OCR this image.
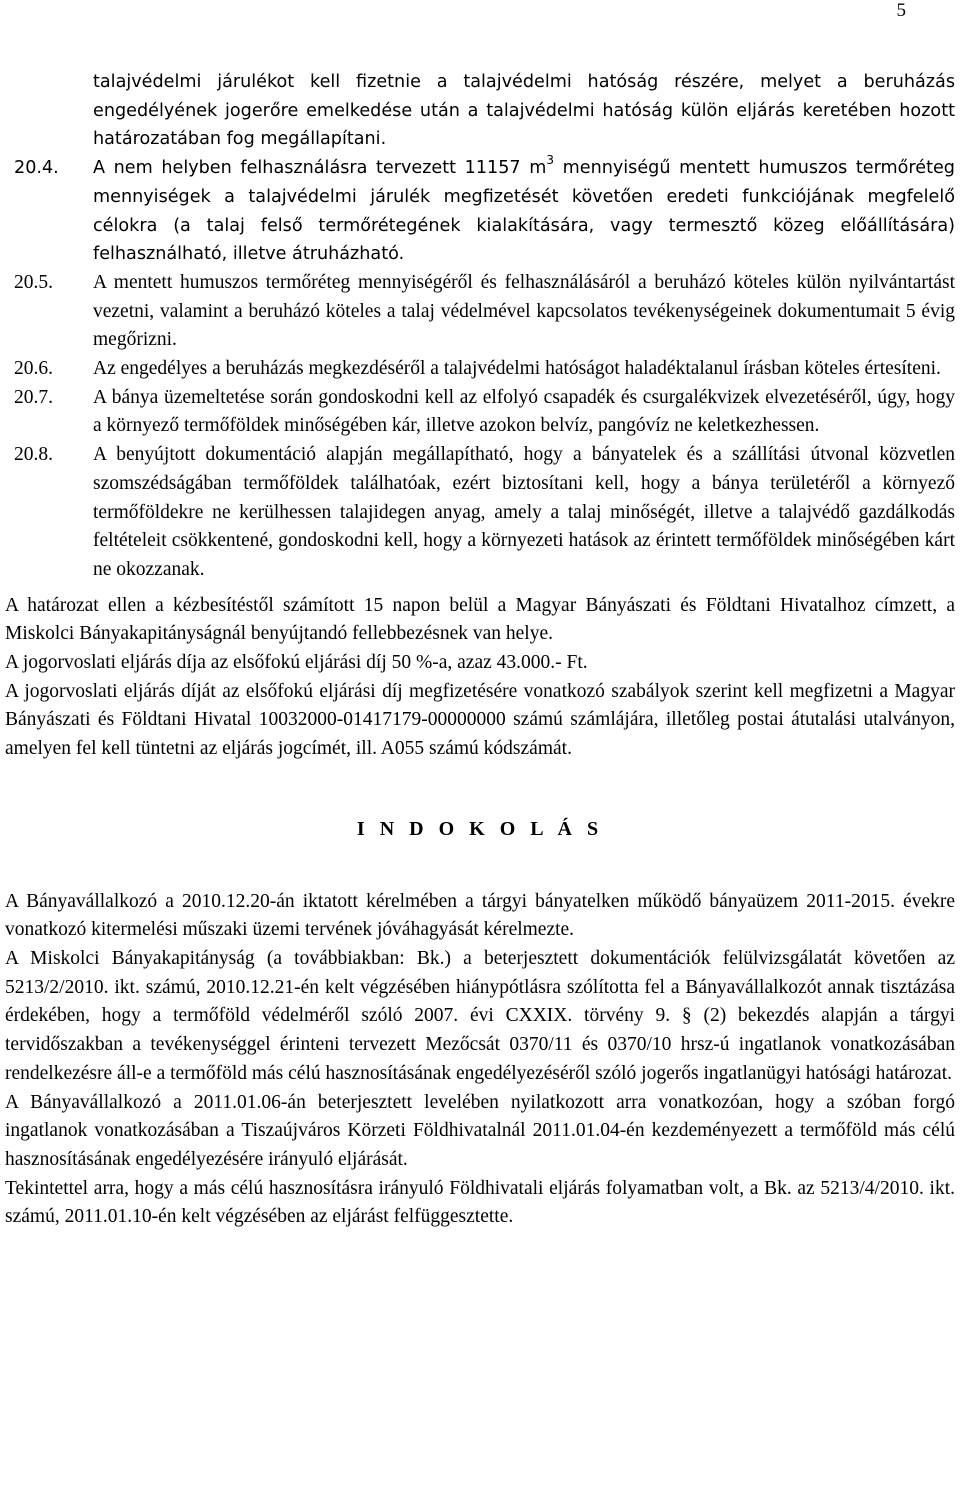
5

talajvédelmi járulékot kell fizetnie a talajvédelmi hatóság részére, melyet a beruházás engedélyének jogerőre emelkedése után a talajvédelmi hatóság külön eljárás keretében hozott határozatában fog megállapítani.

20.4. A nem helyben felhasználásra tervezett 11157 $m^3$ mennyiségű mentett humuszos termőréteg mennyiségek a talajvédelmi járulék megfizetését követően eredeti funkciójának megfelelő célokra (a talaj felső termőrétegének kialakítására, vagy termesztő közeg előállítására) felhasználható, illetve átruházható.

20.5. A mentett humuszos termőréteg mennyiségéről és felhasználásáról a beruházó köteles külön nyilvántartást vezetni, valamint a beruházó köteles a talaj védelmével kapcsolatos tevékenységeinek dokumentumait 5 évig megőrizni.

20.6. Az engedélyes a beruházás megkezdéséről a talajvédelmi hatóságot haladéktalanul írásban köteles értesíteni.

20.7. A bánya üzemeltetése során gondoskodni kell az elfolyó csapadék és csurgalékvizek elvezetéséről, úgy, hogy a környező termőföldek minőségében kár, illetve azokon belvíz, pangóvíz ne keletkezhessen.

20.8. A benyújtott dokumentáció alapján megállapítható, hogy a bányatelek és a szállítási útvonal közvetlen szomszédságában termőföldek találhatóak, ezért biztosítani kell, hogy a bánya területéről a környező termőföldekre ne kerülhessen talajidegen anyag, amely a talaj minőségét, illetve a talajvédő gazdálkodás feltételeit csökkentené, gondoskodni kell, hogy a környezeti hatások az érintett termőföldek minőségében kárt ne okozzanak.

A határozat ellen a kézbesítéstől számított 15 napon belül a Magyar Bányászati és Földtani Hivatalhoz címzett, a Miskolci Bányakapitányságnál benyújtandó fellebbezésnek van helye.

A jogorvoslati eljárás díja az elsőfokú eljárási díj 50 %-a, azaz 43.000.- Ft.

A jogorvoslati eljárás díját az elsőfokú eljárási díj megfizetésére vonatkozó szabályok szerint kell megfizetni a Magyar Bányászati és Földtani Hivatal 10032000-01417179-00000000 számú számlájára, illetőleg postai átutalási utalványon, amelyen fel kell tüntetni az eljárás jogcímét, ill. A055 számú kódszámát.

I N D O K O L Á S

A Bányavállalkozó a 2010.12.20-án iktatott kérelmében a tárgyi bányatelken működő bányaüzem 2011-2015. évekre vonatkozó kitermelési műszaki üzemi tervének jóváhagyását kérelmezte.

A Miskolci Bányakapitányság (a továbbiakban: Bk.) a beterjesztett dokumentációk felülvizsgálatát követően az 5213/2/2010. ikt. számú, 2010.12.21-én kelt végzésében hiánypótlásra szólította fel a Bányavállalkozót annak tisztázása érdekében, hogy a termőföld védelméről szóló 2007. évi CXXIX. törvény 9. § (2) bekezdés alapján a tárgyi tervidőszakban a tevékenységgel érinteni tervezett Mezőcsát 0370/11 és 0370/10 hrsz-ú ingatlanok vonatkozásában rendelkezésre áll-e a termőföld más célú hasznosításának engedélyezéséről szóló jogerős ingatlanügyi hatósági határozat.

A Bányavállalkozó a 2011.01.06-án beterjesztett levelében nyilatkozott arra vonatkozóan, hogy a szóban forgó ingatlanok vonatkozásában a Tiszaújváros Körzeti Földhivatalnál 2011.01.04-én kezdeményezett a termőföld más célú hasznosításának engedélyezésére irányuló eljárását.

Tekintettel arra, hogy a más célú hasznosításra irányuló Földhivatali eljárás folyamatban volt, a Bk. az 5213/4/2010. ikt. számú, 2011.01.10-én kelt végzésében az eljárást felfüggesztette.
